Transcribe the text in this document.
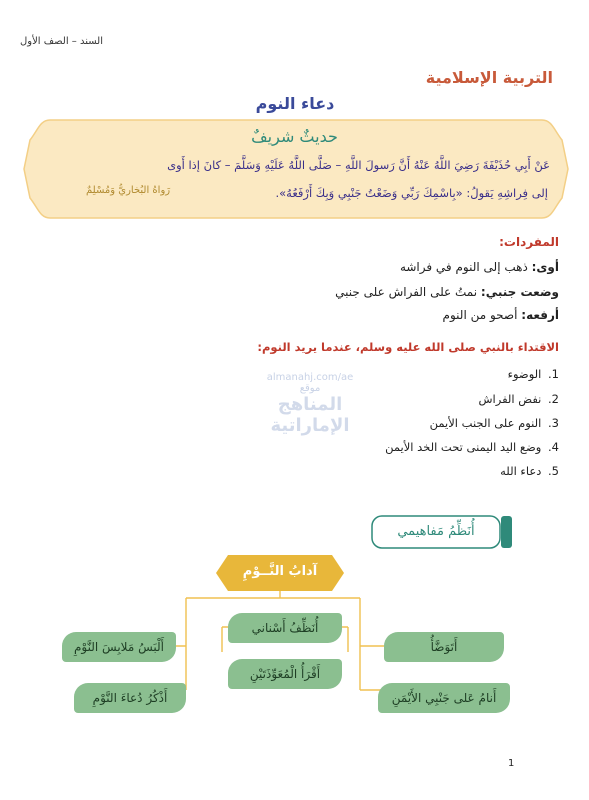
السند – الصف الأول
التربية الإسلامية
دعاء النوم
حديثٌ شريفٌ
عَنْ أَبِي حُذَيْفَةَ رَضِيَ اللَّهُ عَنْهُ أَنَّ رَسولَ اللَّهِ – صَلَّى اللَّهُ عَلَيْهِ وَسَلَّمَ – كانَ إذا أَوى
إلى فِراشِهِ يَقولُ: «بِاسْمِكَ رَبِّي وَضَعْتُ جَنْبِي وَبِكَ أَرْفَعُهُ».
رَواهُ البُخاريُّ وَمُسْلِمٌ
المفردات:
أوى: ذهب إلى النوم في فراشه
وضعت جنبي: نمتُ على الفراش على جنبي
أرفعه: أصحو من النوم
الاقتداء بالنبي صلى الله عليه وسلم، عندما يريد النوم:
1. الوضوء
2. نفض الفراش
3. النوم على الجنب الأيمن
4. وضع اليد اليمنى تحت الخد الأيمن
5. دعاء الله
almanahj.com/ae
موقع
المناهج الإماراتية
أُنَظِّمُ مَفاهيمي
آدابُ النَّــوْمِ
أَلْبَسُ مَلابِسَ النَّوْمِ
أَذْكُرُ دُعاءَ النَّوْمِ
أُنَظِّفُ أَسْناني
أَقْرَأُ الْمُعَوِّذَتَيْنِ
أَتَوَضَّأُ
أَنامُ عَلى جَنْبِي الأَيْمَنِ
1
